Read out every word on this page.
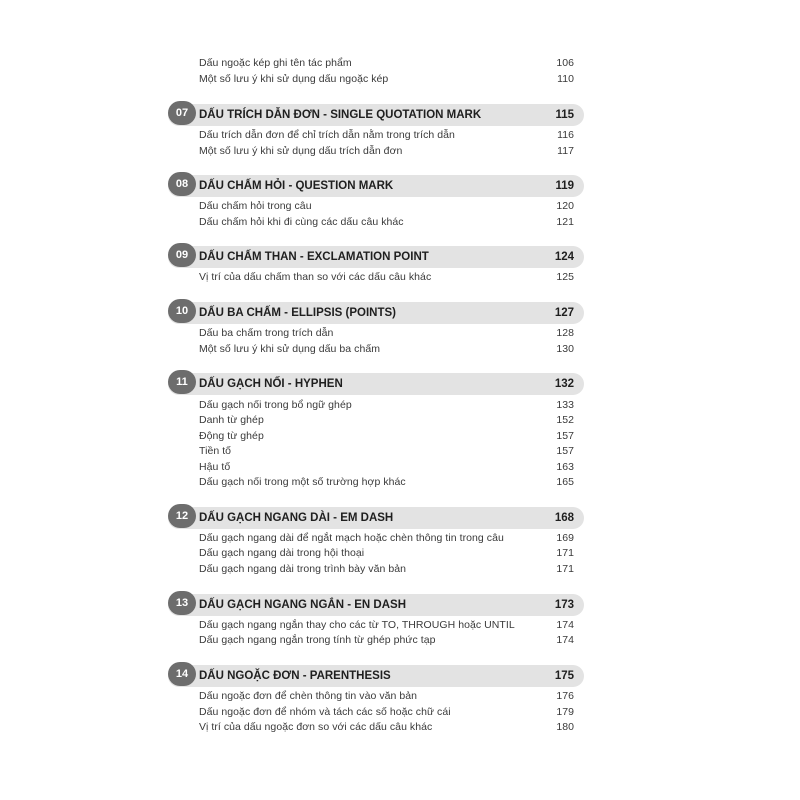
Dấu ngoặc kép ghi tên tác phẩm	106
Một số lưu ý khi sử dụng dấu ngoặc kép	110
07 DẤU TRÍCH DẪN ĐƠN - SINGLE QUOTATION MARK	115
Dấu trích dẫn đơn để chỉ trích dẫn nằm trong trích dẫn	116
Một số lưu ý khi sử dụng dấu trích dẫn đơn	117
08 DẤU CHẤM HỎI - QUESTION MARK	119
Dấu chấm hỏi trong câu	120
Dấu chấm hỏi khi đi cùng các dấu câu khác	121
09 DẤU CHẤM THAN - EXCLAMATION POINT	124
Vị trí của dấu chấm than so với các dấu câu khác	125
10 DẤU BA CHẤM - ELLIPSIS (POINTS)	127
Dấu ba chấm trong trích dẫn	128
Một số lưu ý khi sử dụng dấu ba chấm	130
11 DẤU GẠCH NỐI - HYPHEN	132
Dấu gạch nối trong bổ ngữ ghép	133
Danh từ ghép	152
Động từ ghép	157
Tiền tố	157
Hậu tố	163
Dấu gạch nối trong một số trường hợp khác	165
12 DẤU GẠCH NGANG DÀI - EM DASH	168
Dấu gạch ngang dài để ngắt mạch hoặc chèn thông tin trong câu	169
Dấu gạch ngang dài trong hội thoại	171
Dấu gạch ngang dài trong trình bày văn bản	171
13 DẤU GẠCH NGANG NGẮN - EN DASH	173
Dấu gạch ngang ngắn thay cho các từ TO, THROUGH hoặc UNTIL	174
Dấu gạch ngang ngắn trong tính từ ghép phức tạp	174
14 DẤU NGOẶC ĐƠN - PARENTHESIS	175
Dấu ngoặc đơn để chèn thông tin vào văn bản	176
Dấu ngoặc đơn để nhóm và tách các số hoặc chữ cái	179
Vị trí của dấu ngoặc đơn so với các dấu câu khác	180
